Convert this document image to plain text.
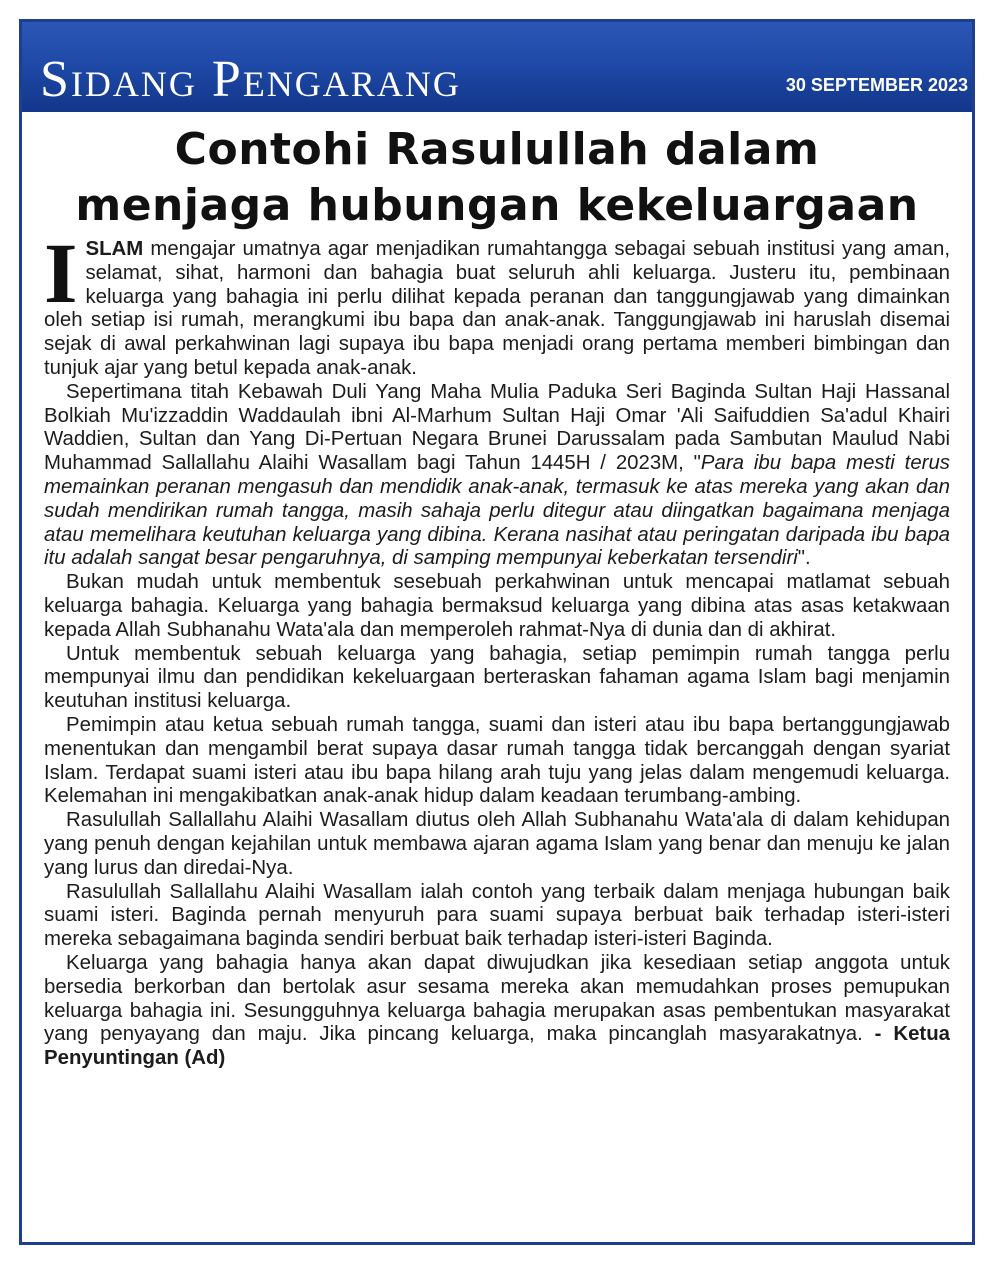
Sidang Pengarang	30 SEPTEMBER 2023
Contohi Rasulullah dalam
menjaga hubungan kekeluargaan

ISLAM mengajar umatnya agar menjadikan rumahtangga sebagai sebuah institusi yang aman, selamat, sihat, harmoni dan bahagia buat seluruh ahli keluarga. Justeru itu, pembinaan keluarga yang bahagia ini perlu dilihat kepada peranan dan tanggungjawab yang dimainkan oleh setiap isi rumah, merangkumi ibu bapa dan anak-anak. Tanggungjawab ini haruslah disemai sejak di awal perkahwinan lagi supaya ibu bapa menjadi orang pertama memberi bimbingan dan tunjuk ajar yang betul kepada anak-anak.

Sepertimana titah Kebawah Duli Yang Maha Mulia Paduka Seri Baginda Sultan Haji Hassanal Bolkiah Mu'izzaddin Waddaulah ibni Al-Marhum Sultan Haji Omar 'Ali Saifuddien Sa'adul Khairi Waddien, Sultan dan Yang Di-Pertuan Negara Brunei Darussalam pada Sambutan Maulud Nabi Muhammad Sallallahu Alaihi Wasallam bagi Tahun 1445H / 2023M, "Para ibu bapa mesti terus memainkan peranan mengasuh dan mendidik anak-anak, termasuk ke atas mereka yang akan dan sudah mendirikan rumah tangga, masih sahaja perlu ditegur atau diingatkan bagaimana menjaga atau memelihara keutuhan keluarga yang dibina. Kerana nasihat atau peringatan daripada ibu bapa itu adalah sangat besar pengaruhnya, di samping mempunyai keberkatan tersendiri".

Bukan mudah untuk membentuk sesebuah perkahwinan untuk mencapai matlamat sebuah keluarga bahagia. Keluarga yang bahagia bermaksud keluarga yang dibina atas asas ketakwaan kepada Allah Subhanahu Wata'ala dan memperoleh rahmat-Nya di dunia dan di akhirat.

Untuk membentuk sebuah keluarga yang bahagia, setiap pemimpin rumah tangga perlu mempunyai ilmu dan pendidikan kekeluargaan berteraskan fahaman agama Islam bagi menjamin keutuhan institusi keluarga.

Pemimpin atau ketua sebuah rumah tangga, suami dan isteri atau ibu bapa bertanggungjawab menentukan dan mengambil berat supaya dasar rumah tangga tidak bercanggah dengan syariat Islam. Terdapat suami isteri atau ibu bapa hilang arah tuju yang jelas dalam mengemudi keluarga. Kelemahan ini mengakibatkan anak-anak hidup dalam keadaan terumbang-ambing.

Rasulullah Sallallahu Alaihi Wasallam diutus oleh Allah Subhanahu Wata'ala di dalam kehidupan yang penuh dengan kejahilan untuk membawa ajaran agama Islam yang benar dan menuju ke jalan yang lurus dan diredai-Nya.

Rasulullah Sallallahu Alaihi Wasallam ialah contoh yang terbaik dalam menjaga hubungan baik suami isteri. Baginda pernah menyuruh para suami supaya berbuat baik terhadap isteri-isteri mereka sebagaimana baginda sendiri berbuat baik terhadap isteri-isteri Baginda.

Keluarga yang bahagia hanya akan dapat diwujudkan jika kesediaan setiap anggota untuk bersedia berkorban dan bertolak asur sesama mereka akan memudahkan proses pemupukan keluarga bahagia ini. Sesungguhnya keluarga bahagia merupakan asas pembentukan masyarakat yang penyayang dan maju. Jika pincang keluarga, maka pincanglah masyarakatnya. - Ketua Penyuntingan (Ad)
